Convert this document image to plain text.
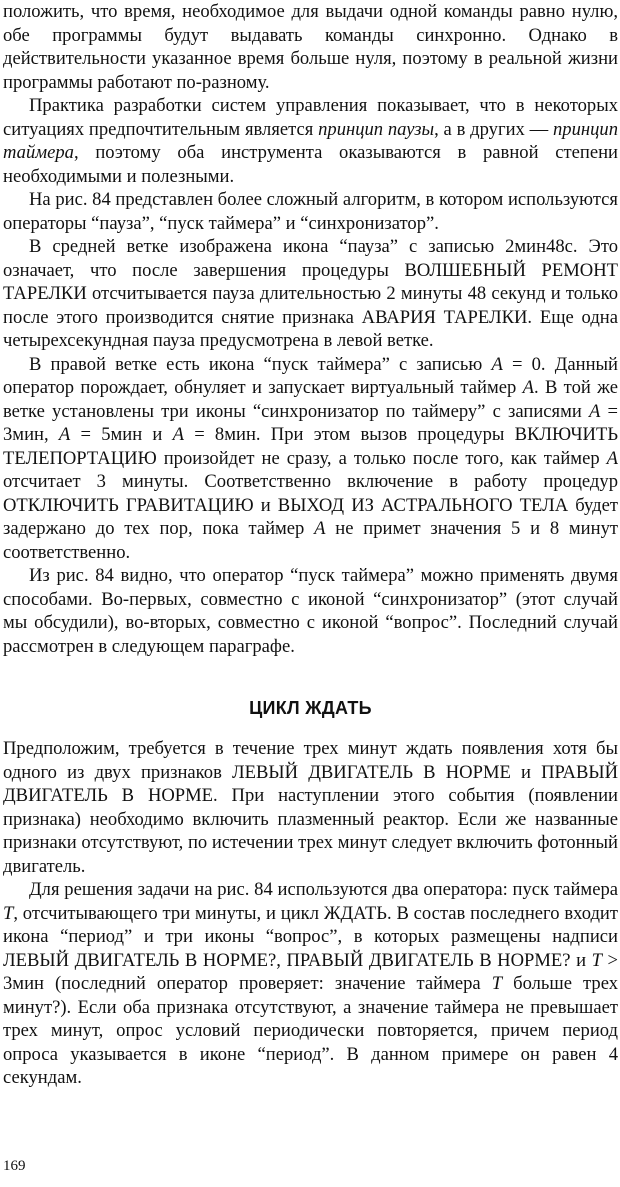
положить, что время, необходимое для выдачи одной команды равно нулю, обе программы будут выдавать команды синхронно. Однако в действительности указанное время больше нуля, поэтому в реальной жизни программы работают по-разному.

Практика разработки систем управления показывает, что в некоторых ситуациях предпочтительным является принцип паузы, а в других — принцип таймера, поэтому оба инструмента оказываются в равной степени необходимыми и полезными.

На рис. 84 представлен более сложный алгоритм, в котором используются операторы “пауза”, “пуск таймера” и “синхронизатор”.

В средней ветке изображена икона “пауза” с записью 2мин48с. Это означает, что после завершения процедуры ВОЛШЕБНЫЙ РЕМОНТ ТАРЕЛКИ отсчитывается пауза длительностью 2 минуты 48 секунд и только после этого производится снятие признака АВАРИЯ ТАРЕЛКИ. Еще одна четырехсекундная пауза предусмотрена в левой ветке.

В правой ветке есть икона “пуск таймера” с записью А = 0. Данный оператор порождает, обнуляет и запускает виртуальный таймер А. В той же ветке установлены три иконы “синхронизатор по таймеру” с записями А = 3мин, А = 5мин и А = 8мин. При этом вызов процедуры ВКЛЮЧИТЬ ТЕЛЕПОРТАЦИЮ произойдет не сразу, а только после того, как таймер А отсчитает 3 минуты. Соответственно включение в работу процедур ОТКЛЮЧИТЬ ГРАВИТАЦИЮ и ВЫХОД ИЗ АСТРАЛЬНОГО ТЕЛА будет задержано до тех пор, пока таймер А не примет значения 5 и 8 минут соответственно.

Из рис. 84 видно, что оператор “пуск таймера” можно применять двумя способами. Во-первых, совместно с иконой “синхронизатор” (этот случай мы обсудили), во-вторых, совместно с иконой “вопрос”. Последний случай рассмотрен в следующем параграфе.

ЦИКЛ ЖДАТЬ

Предположим, требуется в течение трех минут ждать появления хотя бы одного из двух признаков ЛЕВЫЙ ДВИГАТЕЛЬ В НОРМЕ и ПРАВЫЙ ДВИГАТЕЛЬ В НОРМЕ. При наступлении этого события (появлении признака) необходимо включить плазменный реактор. Если же названные признаки отсутствуют, по истечении трех минут следует включить фотонный двигатель.

Для решения задачи на рис. 84 используются два оператора: пуск таймера Т, отсчитывающего три минуты, и цикл ЖДАТЬ. В состав последнего входит икона “период” и три иконы “вопрос”, в которых размещены надписи ЛЕВЫЙ ДВИГАТЕЛЬ В НОРМЕ?, ПРАВЫЙ ДВИГАТЕЛЬ В НОРМЕ? и Т > 3мин (последний оператор проверяет: значение таймера Т больше трех минут?). Если оба признака отсутствуют, а значение таймера не превышает трех минут, опрос условий периодически повторяется, причем период опроса указывается в иконе “период”. В данном примере он равен 4 секундам.

169
